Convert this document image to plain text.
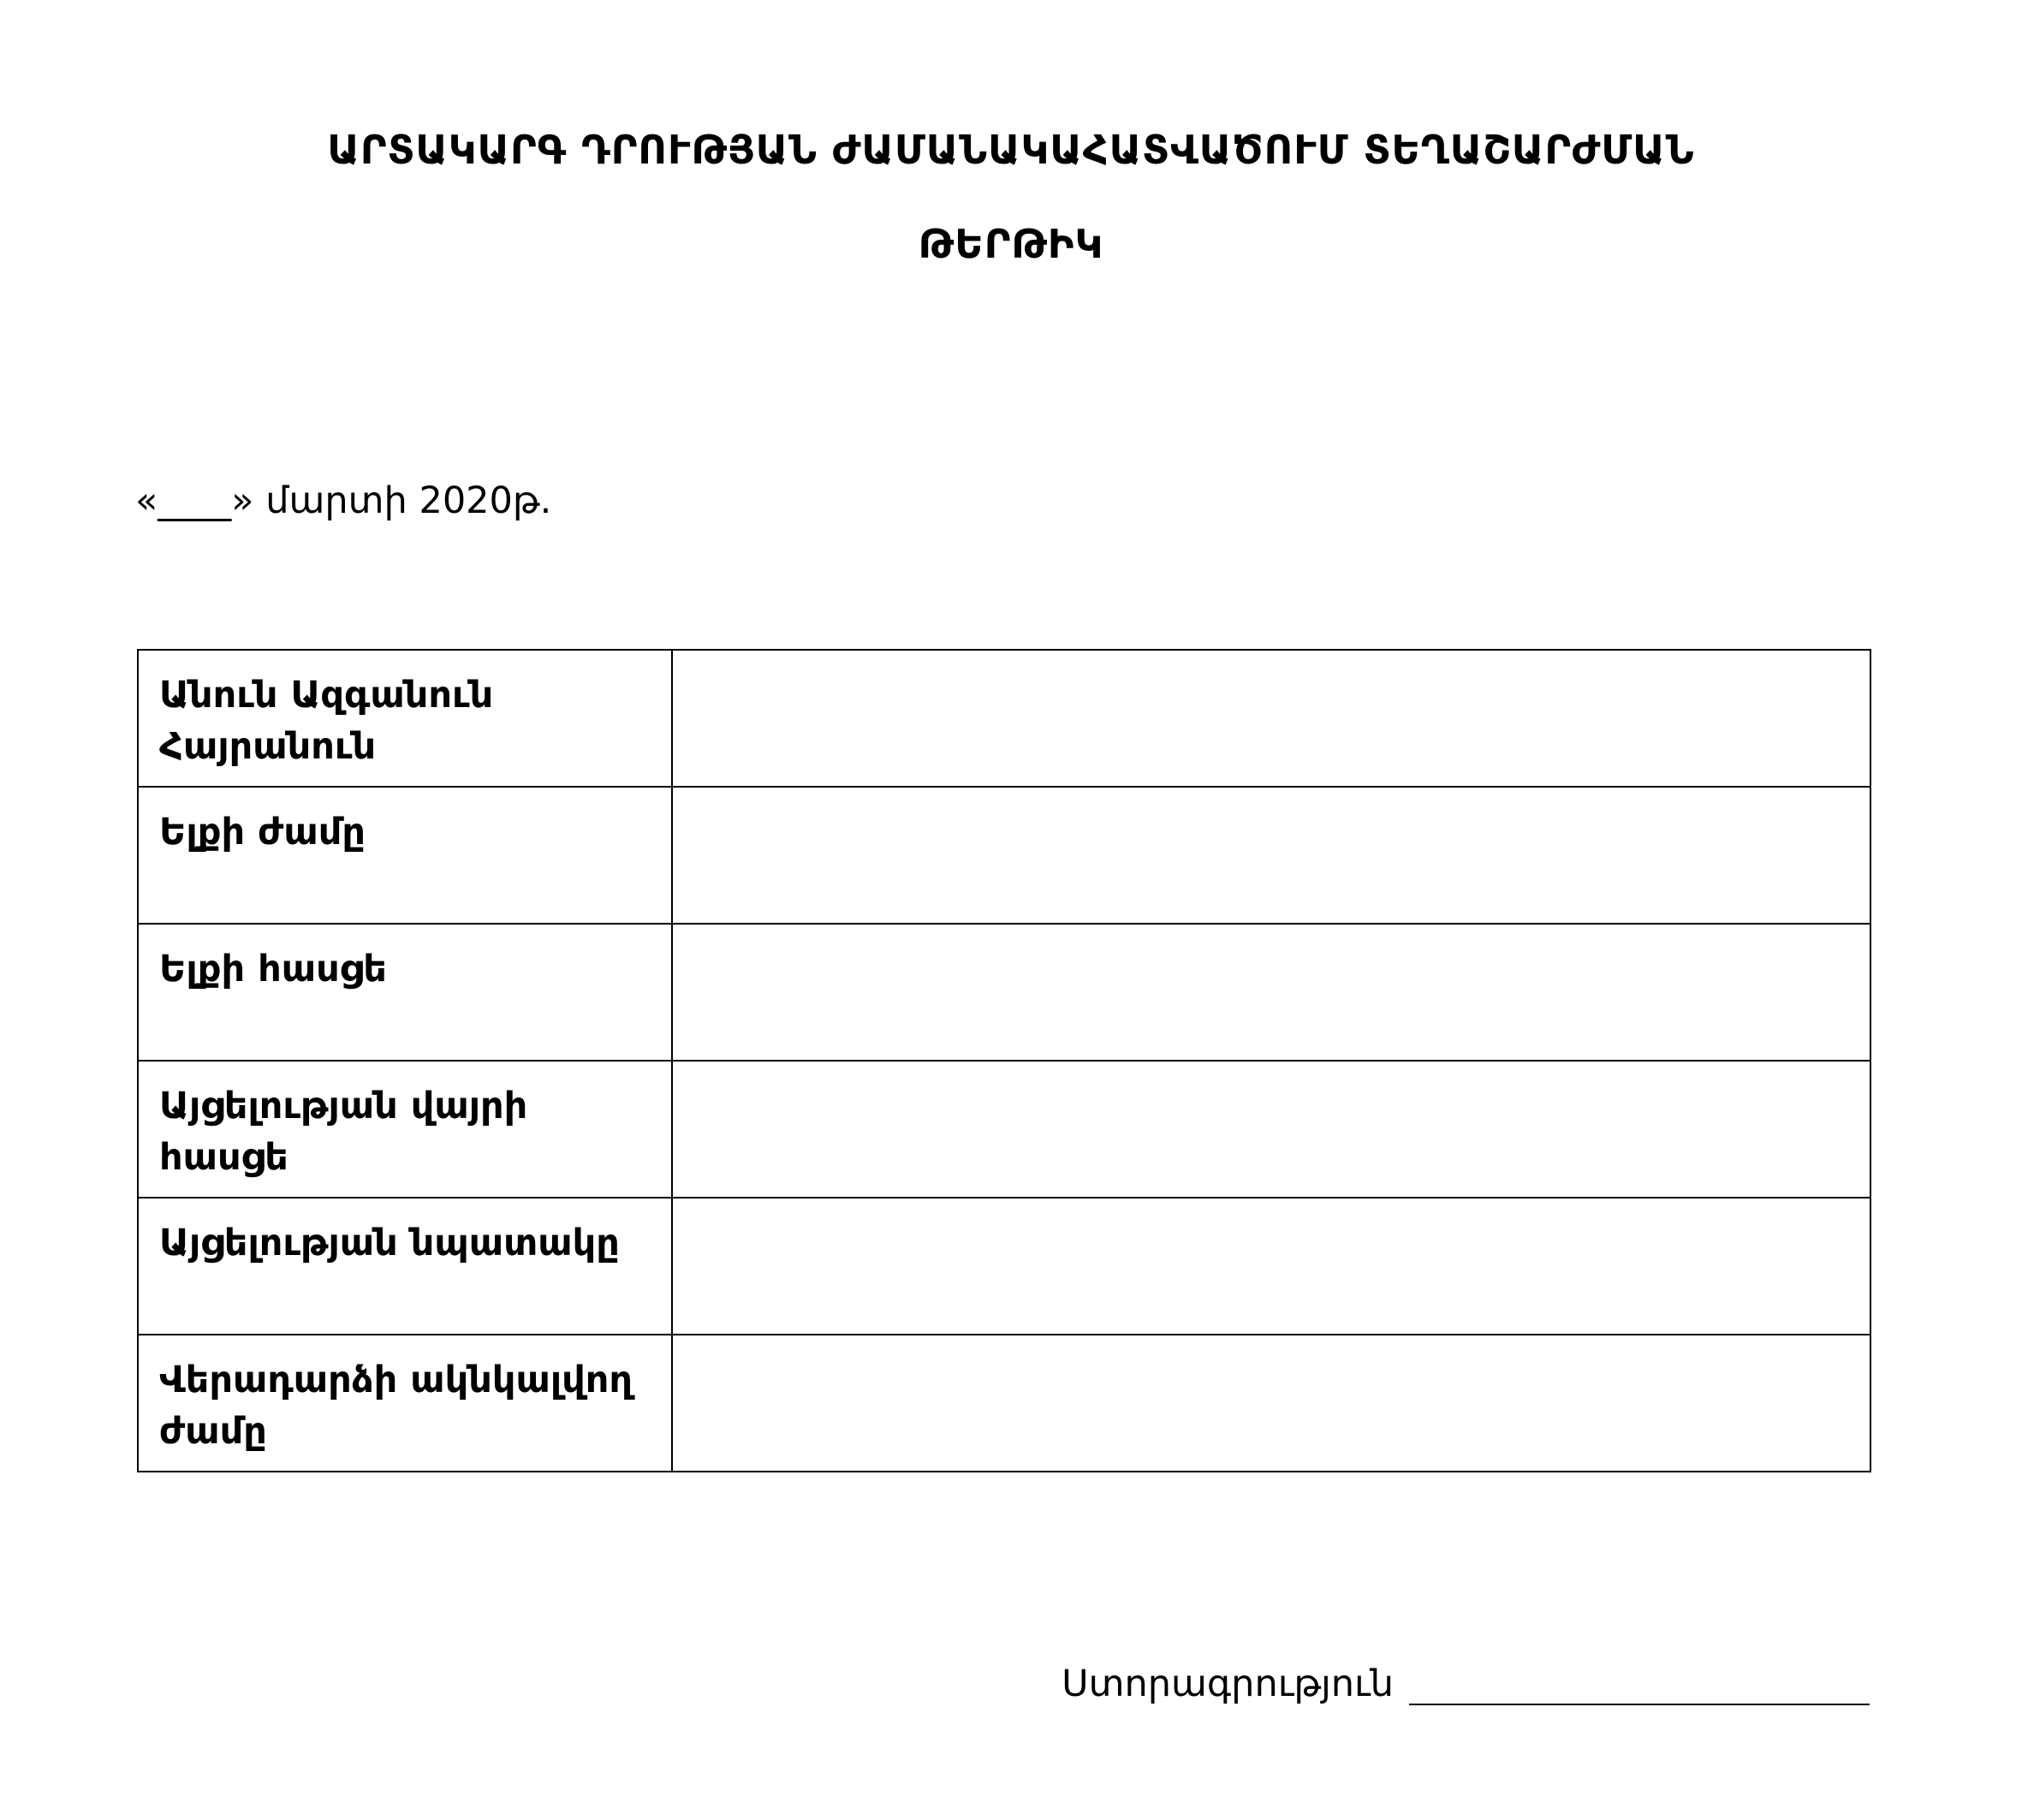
ԱՐՏԱԿԱՐԳ ԴՐՈՒԹՅԱՆ ԺԱՄԱՆԱԿԱՀԱՏՎԱԾՈՒՄ ՏԵՂԱՇԱՐԺՄԱՆ
ԹԵՐԹԻԿ
«____» մարտի 2020թ.
Անուն Ազգանուն Հայրանուն	
Ելքի ժամը	
Ելքի հասցե	
Այցելության վայրի հասցե	
Այցելության նպատակը	
Վերադարձի ակնկալվող ժամը	
Ստորագրություն
